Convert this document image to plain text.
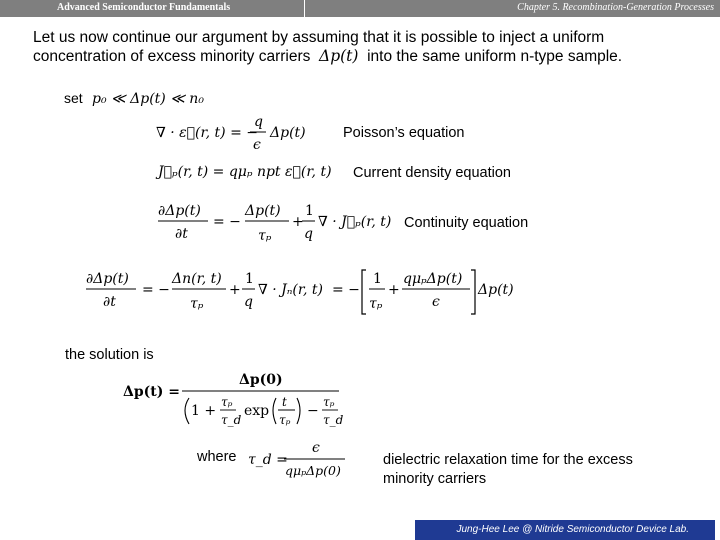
Advanced Semiconductor Fundamentals	Chapter 5. Recombination-Generation Processes
Let us now continue our argument by assuming that it is possible to inject a uniform
concentration of excess minority carriers Δp(t) into the same uniform n-type sample.
set p₀ ≪ Δp(t) ≪ n₀
∇ · ε⃗(r, t) = −
q
ϵ
Δp(t)
J⃗ₚ(r, t) = qμₚ npt ε⃗(r, t)
∂Δp(t)
∂t
= −
Δp(t)
τₚ
+
1
q
∇ · J⃗ₚ(r, t)
∂Δp(t)
∂t
= −
Δn(r, t)
τₚ
+
1
q
∇ · Jₙ(r, t) = −
1
τₚ
+
qμₚΔp(t)
ϵ
Δp(t)
Δp(t) =
Δp(0)
1 +
τₚ
τ_d
exp
t
τₚ
−
τₚ
τ_d
τ_d =
ϵ
qμₚΔp(0)
Poisson’s equation
Current density equation
Continuity equation
the solution is
where	dielectric relaxation time for the excess
minority carriers
Jung-Hee Lee @ Nitride Semiconductor Device Lab.
